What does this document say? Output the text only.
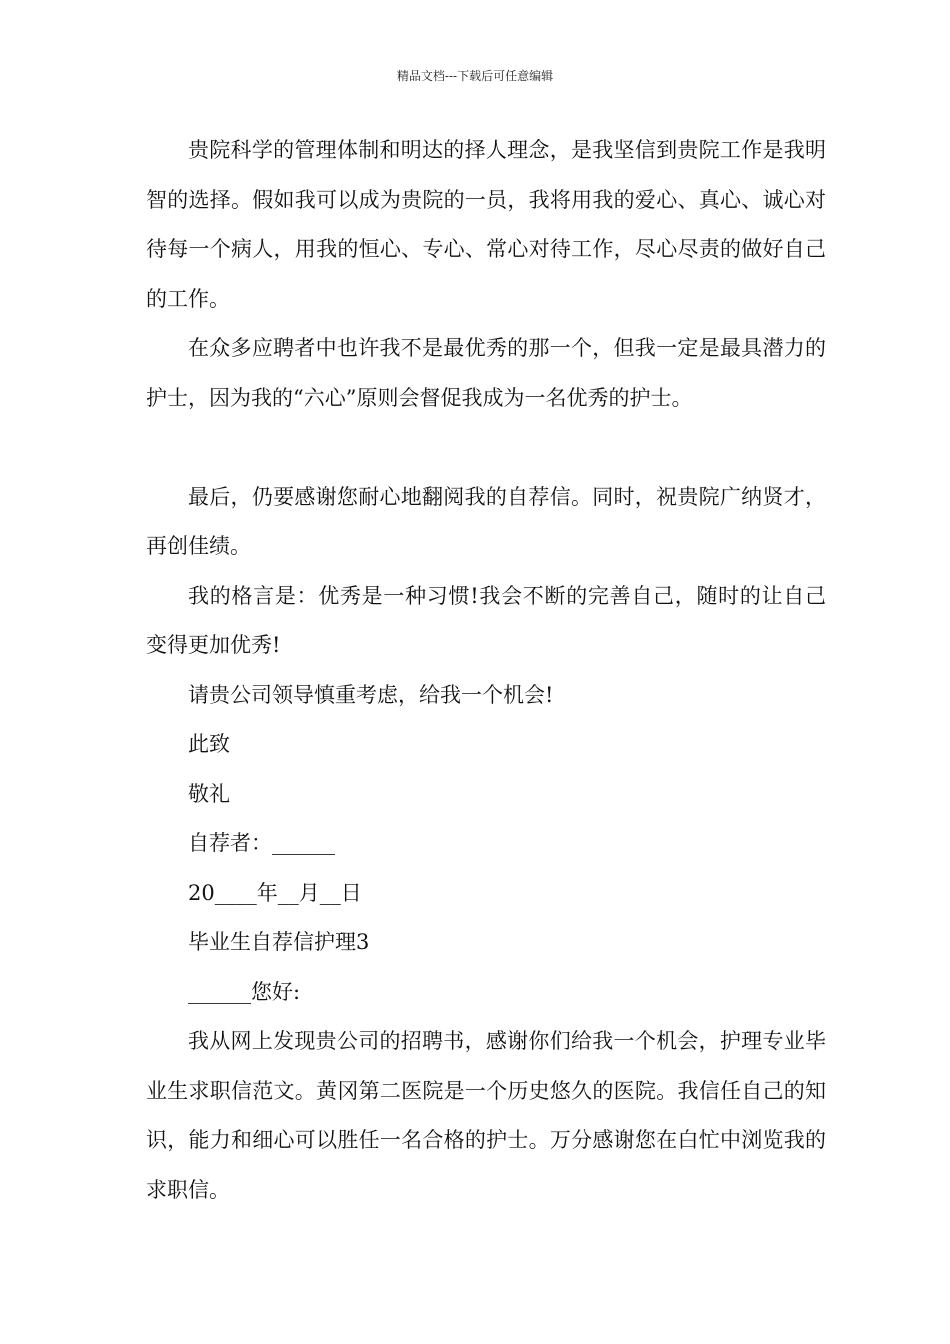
精品文档---下载后可任意编辑

贵院科学的管理体制和明达的择人理念，是我坚信到贵院工作是我明智的选择。假如我可以成为贵院的一员，我将用我的爱心、真心、诚心对待每一个病人，用我的恒心、专心、常心对待工作，尽心尽责的做好自己的工作。

在众多应聘者中也许我不是最优秀的那一个，但我一定是最具潜力的护士，因为我的“六心”原则会督促我成为一名优秀的护士。

最后，仍要感谢您耐心地翻阅我的自荐信。同时，祝贵院广纳贤才，再创佳绩。

我的格言是：优秀是一种习惯!我会不断的完善自己，随时的让自己变得更加优秀!

请贵公司领导慎重考虑，给我一个机会!

此致

敬礼

自荐者：______

20____年__月__日

毕业生自荐信护理3

______您好:

我从网上发现贵公司的招聘书，感谢你们给我一个机会，护理专业毕业生求职信范文。黄冈第二医院是一个历史悠久的医院。我信任自己的知识，能力和细心可以胜任一名合格的护士。万分感谢您在白忙中浏览我的求职信。
